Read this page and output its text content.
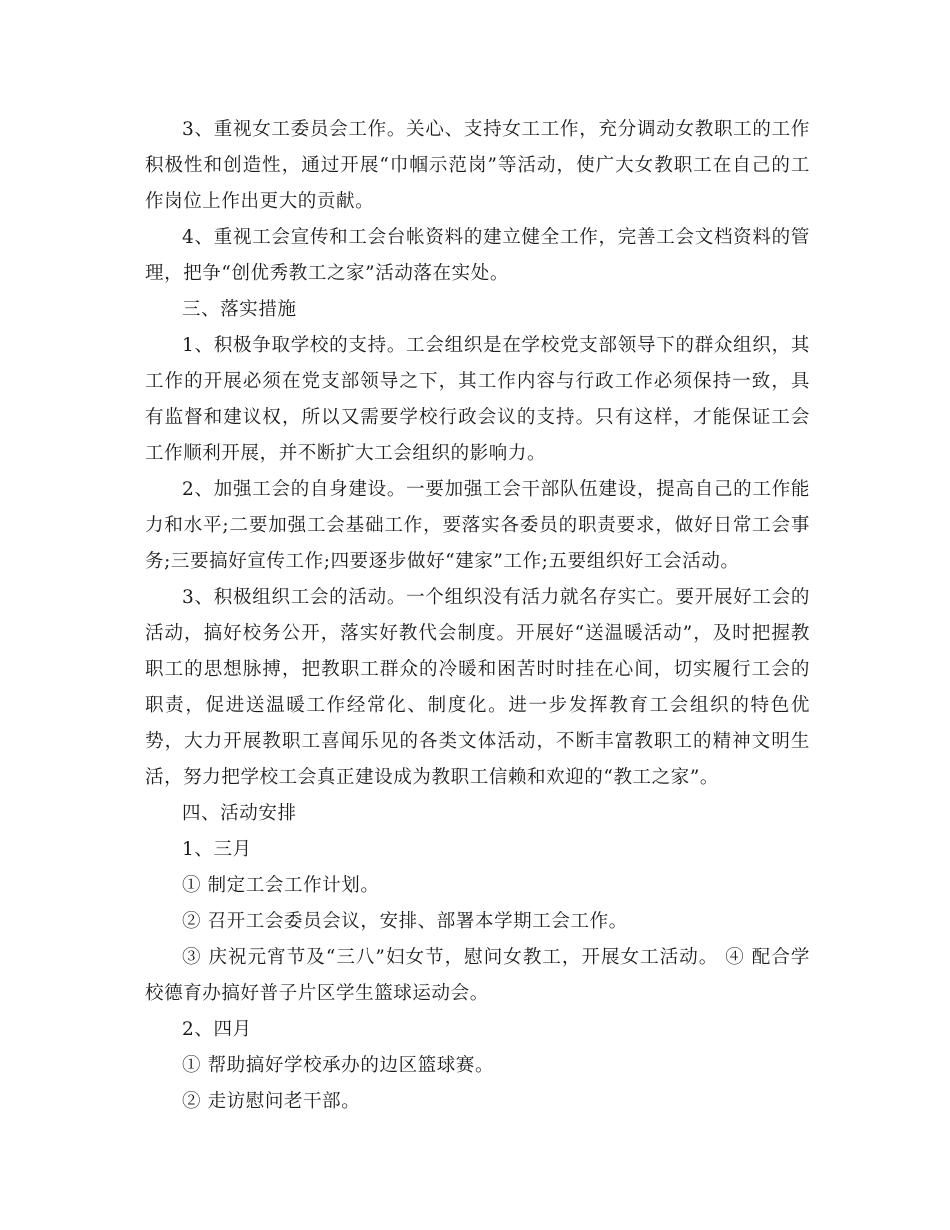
3、重视女工委员会工作。关心、支持女工工作，充分调动女教职工的工作积极性和创造性，通过开展“巾帼示范岗”等活动，使广大女教职工在自己的工作岗位上作出更大的贡献。

4、重视工会宣传和工会台帐资料的建立健全工作，完善工会文档资料的管理，把争“创优秀教工之家”活动落在实处。

三、落实措施

1、积极争取学校的支持。工会组织是在学校党支部领导下的群众组织，其工作的开展必须在党支部领导之下，其工作内容与行政工作必须保持一致，具有监督和建议权，所以又需要学校行政会议的支持。只有这样，才能保证工会工作顺利开展，并不断扩大工会组织的影响力。

2、加强工会的自身建设。一要加强工会干部队伍建设，提高自己的工作能力和水平;二要加强工会基础工作，要落实各委员的职责要求，做好日常工会事务;三要搞好宣传工作;四要逐步做好“建家”工作;五要组织好工会活动。

3、积极组织工会的活动。一个组织没有活力就名存实亡。要开展好工会的活动，搞好校务公开，落实好教代会制度。开展好“送温暖活动”，及时把握教职工的思想脉搏，把教职工群众的冷暖和困苦时时挂在心间，切实履行工会的职责，促进送温暖工作经常化、制度化。进一步发挥教育工会组织的特色优势，大力开展教职工喜闻乐见的各类文体活动，不断丰富教职工的精神文明生活，努力把学校工会真正建设成为教职工信赖和欢迎的“教工之家”。

四、活动安排

1、三月

① 制定工会工作计划。

② 召开工会委员会议，安排、部署本学期工会工作。

③ 庆祝元宵节及“三八”妇女节，慰问女教工，开展女工活动。 ④ 配合学校德育办搞好普子片区学生篮球运动会。

2、四月

① 帮助搞好学校承办的边区篮球赛。

② 走访慰问老干部。
